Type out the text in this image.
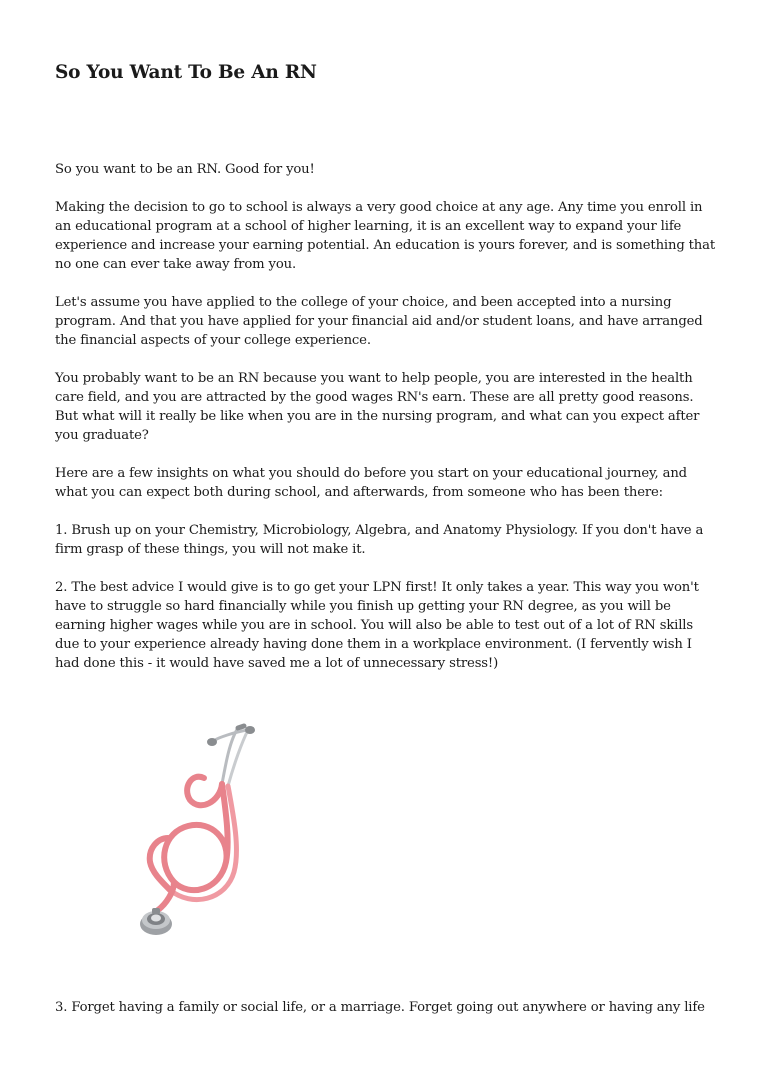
So You Want To Be An RN

So you want to be an RN. Good for you!

Making the decision to go to school is always a very good choice at any age. Any time you enroll in an educational program at a school of higher learning, it is an excellent way to expand your life experience and increase your earning potential. An education is yours forever, and is something that no one can ever take away from you.

Let's assume you have applied to the college of your choice, and been accepted into a nursing program. And that you have applied for your financial aid and/or student loans, and have arranged the financial aspects of your college experience.

You probably want to be an RN because you want to help people, you are interested in the health care field, and you are attracted by the good wages RN's earn. These are all pretty good reasons. But what will it really be like when you are in the nursing program, and what can you expect after you graduate?

Here are a few insights on what you should do before you start on your educational journey, and what you can expect both during school, and afterwards, from someone who has been there:

1. Brush up on your Chemistry, Microbiology, Algebra, and Anatomy Physiology. If you don't have a firm grasp of these things, you will not make it.

2. The best advice I would give is to go get your LPN first! It only takes a year. This way you won't have to struggle so hard financially while you finish up getting your RN degree, as you will be earning higher wages while you are in school. You will also be able to test out of a lot of RN skills due to your experience already having done them in a workplace environment. (I fervently wish I had done this - it would have saved me a lot of unnecessary stress!)

3. Forget having a family or social life, or a marriage. Forget going out anywhere or having any life
